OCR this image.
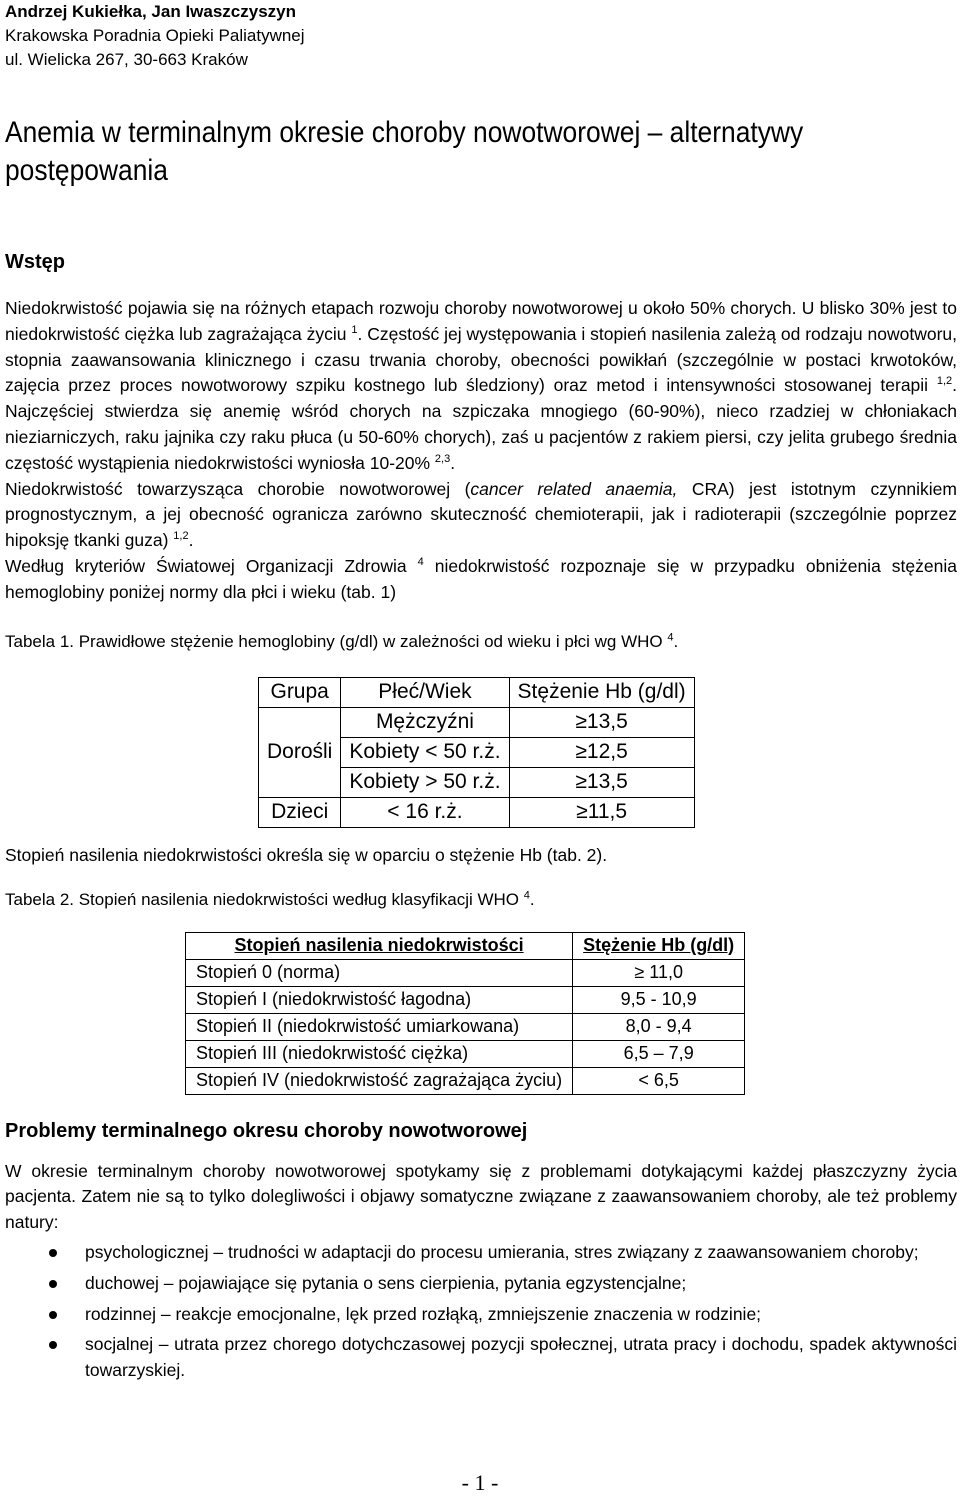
Andrzej Kukiełka, Jan Iwaszczyszyn
Krakowska Poradnia Opieki Paliatywnej
ul. Wielicka 267, 30-663 Kraków
Anemia w terminalnym okresie choroby nowotworowej – alternatywy postępowania
Wstęp

Niedokrwistość pojawia się na różnych etapach rozwoju choroby nowotworowej u około 50% chorych. U blisko 30% jest to niedokrwistość ciężka lub zagrażająca życiu $^1$. Częstość jej występowania i stopień nasilenia zależą od rodzaju nowotworu, stopnia zaawansowania klinicznego i czasu trwania choroby, obecności powikłań (szczególnie w postaci krwotoków, zajęcia przez proces nowotworowy szpiku kostnego lub śledziony) oraz metod i intensywności stosowanej terapii $^{1,2}$. Najczęściej stwierdza się anemię wśród chorych na szpiczaka mnogiego (60-90%), nieco rzadziej w chłoniakach nieziarniczych, raku jajnika czy raku płuca (u 50-60% chorych), zaś u pacjentów z rakiem piersi, czy jelita grubego średnia częstość wystąpienia niedokrwistości wyniosła 10-20% $^{2,3}$.

Niedokrwistość towarzysząca chorobie nowotworowej (cancer related anaemia, CRA) jest istotnym czynnikiem prognostycznym, a jej obecność ogranicza zarówno skuteczność chemioterapii, jak i radioterapii (szczególnie poprzez hipoksję tkanki guza) $^{1,2}$.

Według kryteriów Światowej Organizacji Zdrowia $^4$ niedokrwistość rozpoznaje się w przypadku obniżenia stężenia hemoglobiny poniżej normy dla płci i wieku (tab. 1)

Tabela 1. Prawidłowe stężenie hemoglobiny (g/dl) w zależności od wieku i płci wg WHO $^4$.
Grupa	Płeć/Wiek	Stężenie Hb (g/dl)
	Mężczyźni	≥13,5
Dorośli	Kobiety < 50 r.ż.	≥12,5
	Kobiety > 50 r.ż.	≥13,5
Dzieci	< 16 r.ż.	≥11,5
Stopień nasilenia niedokrwistości określa się w oparciu o stężenie Hb (tab. 2).
Tabela 2. Stopień nasilenia niedokrwistości według klasyfikacji WHO $^4$.
Stopień nasilenia niedokrwistości	Stężenie Hb (g/dl)
Stopień 0 (norma)	≥ 11,0
Stopień I (niedokrwistość łagodna)	9,5 - 10,9
Stopień II (niedokrwistość umiarkowana)	8,0 - 9,4
Stopień III (niedokrwistość ciężka)	6,5 – 7,9
Stopień IV (niedokrwistość zagrażająca życiu)	< 6,5
Problemy terminalnego okresu choroby nowotworowej

W okresie terminalnym choroby nowotworowej spotykamy się z problemami dotykającymi każdej płaszczyzny życia pacjenta. Zatem nie są to tylko dolegliwości i objawy somatyczne związane z zaawansowaniem choroby, ale też problemy natury:

psychologicznej – trudności w adaptacji do procesu umierania, stres związany z zaawansowaniem choroby;
duchowej – pojawiające się pytania o sens cierpienia, pytania egzystencjalne;
rodzinnej – reakcje emocjonalne, lęk przed rozłąką, zmniejszenie znaczenia w rodzinie;
socjalnej – utrata przez chorego dotychczasowej pozycji społecznej, utrata pracy i dochodu, spadek aktywności towarzyskiej.
- 1 -
